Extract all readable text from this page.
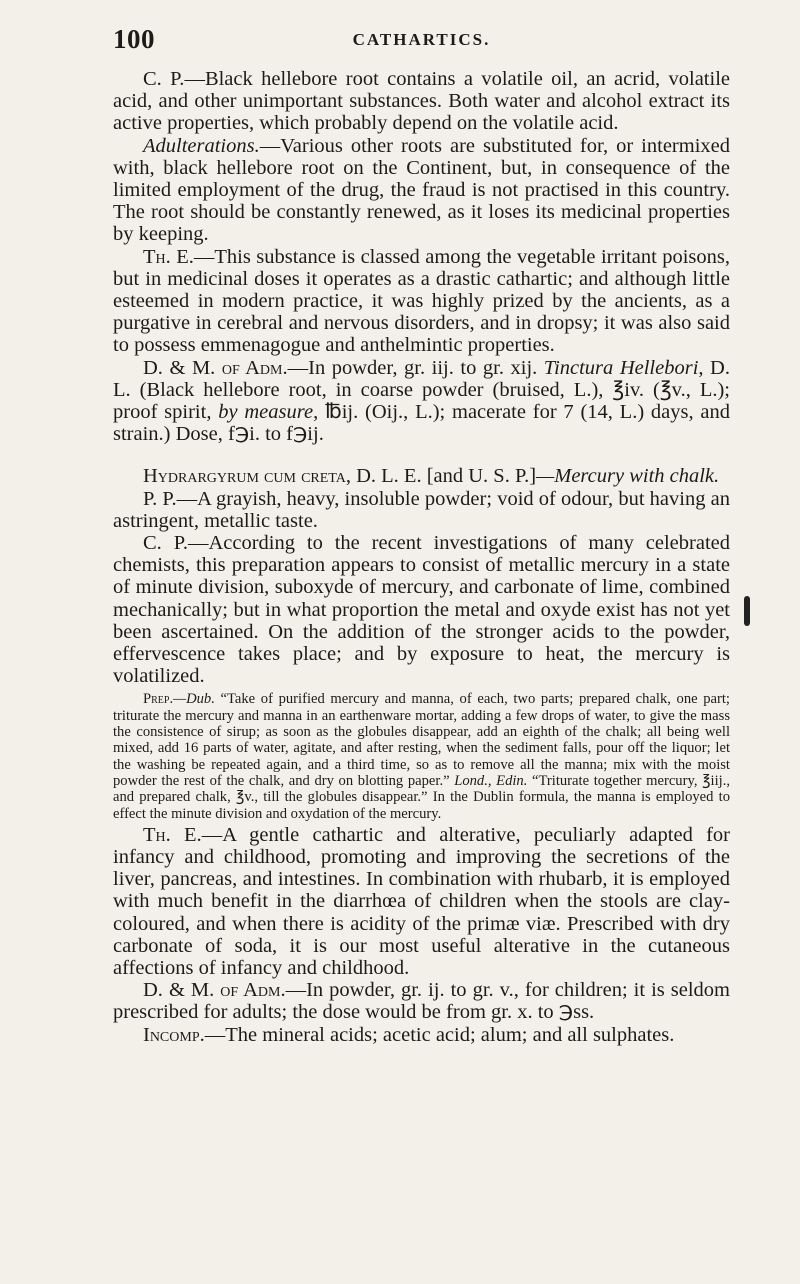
100	CATHARTICS.

C. P.—Black hellebore root contains a volatile oil, an acrid, volatile acid, and other unimportant substances. Both water and alcohol extract its active properties, which probably depend on the volatile acid.

Adulterations.—Various other roots are substituted for, or intermixed with, black hellebore root on the Continent, but, in consequence of the limited employment of the drug, the fraud is not practised in this country. The root should be constantly renewed, as it loses its medicinal properties by keeping.

Th. E.—This substance is classed among the vegetable irritant poisons, but in medicinal doses it operates as a drastic cathartic; and although little esteemed in modern practice, it was highly prized by the ancients, as a purgative in cerebral and nervous disorders, and in dropsy; it was also said to possess emmenagogue and anthelmintic properties.

D. & M. of Adm.—In powder, gr. iij. to gr. xij. Tinctura Hellebori, D. L. (Black hellebore root, in coarse powder (bruised, L.), ℥iv. (℥v., L.); proof spirit, by measure, ℔ij. (Oij., L.); macerate for 7 (14, L.) days, and strain.) Dose, f℈i. to f℈ij.

Hydrargyrum cum creta, D. L. E. [and U. S. P.]—Mercury with chalk.

P. P.—A grayish, heavy, insoluble powder; void of odour, but having an astringent, metallic taste.

C. P.—According to the recent investigations of many celebrated chemists, this preparation appears to consist of metallic mercury in a state of minute division, suboxyde of mercury, and carbonate of lime, combined mechanically; but in what proportion the metal and oxyde exist has not yet been ascertained. On the addition of the stronger acids to the powder, effervescence takes place; and by exposure to heat, the mercury is volatilized.

Prep.—Dub. “Take of purified mercury and manna, of each, two parts; prepared chalk, one part; triturate the mercury and manna in an earthenware mortar, adding a few drops of water, to give the mass the consistence of sirup; as soon as the globules disappear, add an eighth of the chalk; all being well mixed, add 16 parts of water, agitate, and after resting, when the sediment falls, pour off the liquor; let the washing be repeated again, and a third time, so as to remove all the manna; mix with the moist powder the rest of the chalk, and dry on blotting paper.” Lond., Edin. “Triturate together mercury, ℥iij., and prepared chalk, ℥v., till the globules disappear.” In the Dublin formula, the manna is employed to effect the minute division and oxydation of the mercury.

Th. E.—A gentle cathartic and alterative, peculiarly adapted for infancy and childhood, promoting and improving the secretions of the liver, pancreas, and intestines. In combination with rhubarb, it is employed with much benefit in the diarrhœa of children when the stools are clay-coloured, and when there is acidity of the primæ viæ. Prescribed with dry carbonate of soda, it is our most useful alterative in the cutaneous affections of infancy and childhood.

D. & M. of Adm.—In powder, gr. ij. to gr. v., for children; it is seldom prescribed for adults; the dose would be from gr. x. to ℈ss.

Incomp.—The mineral acids; acetic acid; alum; and all sulphates.
